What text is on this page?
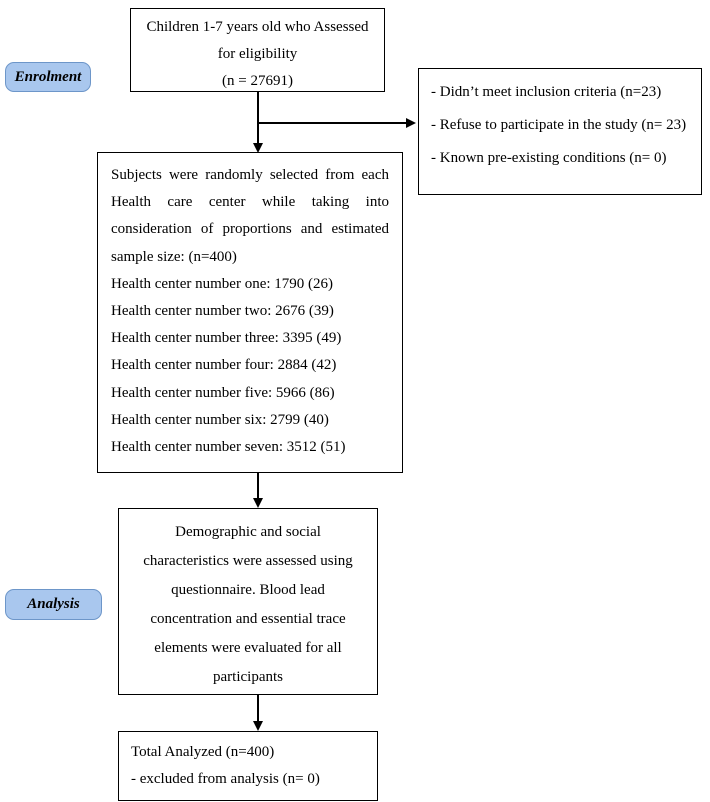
Children 1-7 years old who Assessed
for eligibility
(n = 27691)
Enrolment
- Didn’t meet inclusion criteria (n=23)
- Refuse to participate in the study (n= 23)
- Known pre-existing conditions (n= 0)
Subjects were randomly selected from each
Health care center while taking into
consideration of proportions and estimated
sample size: (n=400)
Health center number one: 1790 (26)
Health center number two: 2676 (39)
Health center number three: 3395 (49)
Health center number four: 2884 (42)
Health center number five: 5966 (86)
Health center number six: 2799 (40)
Health center number seven: 3512 (51)
Analysis
Demographic and social
characteristics were assessed using
questionnaire. Blood lead
concentration and essential trace
elements were evaluated for all
participants
Total Analyzed (n=400)
- excluded from analysis (n= 0)
